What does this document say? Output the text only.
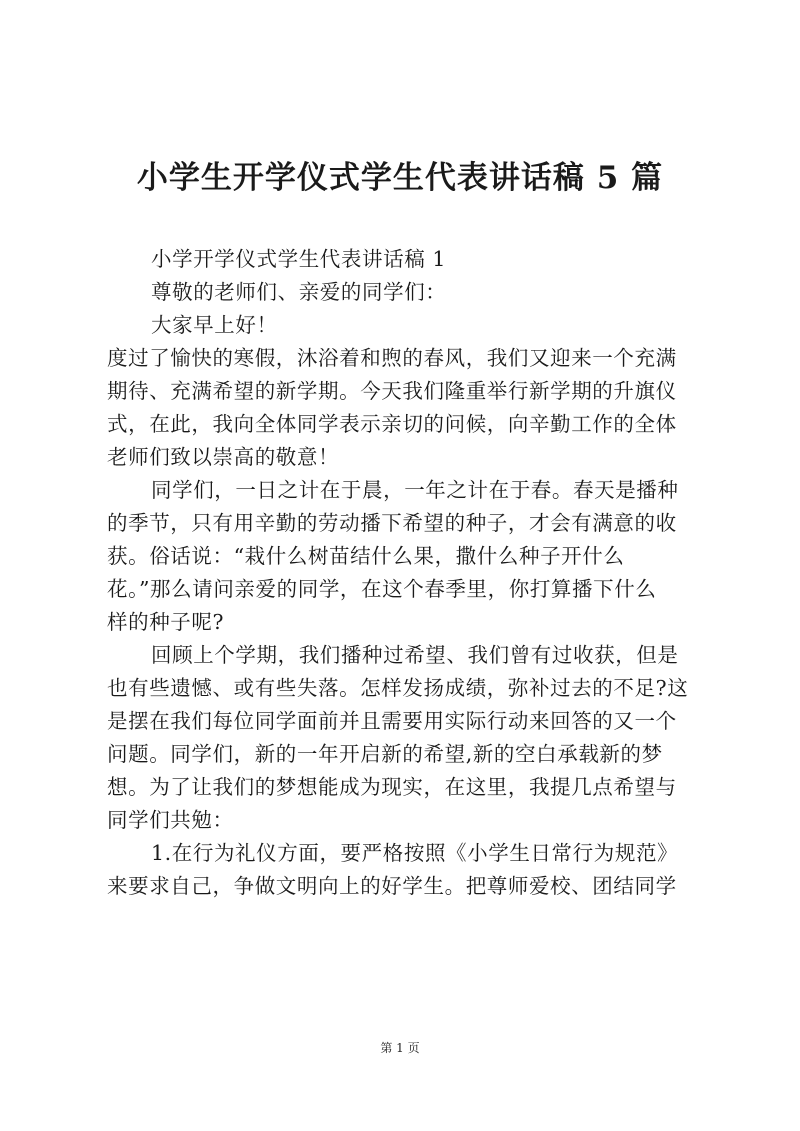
小学生开学仪式学生代表讲话稿 5 篇
小学开学仪式学生代表讲话稿 1
尊敬的老师们、亲爱的同学们：
大家早上好！
度过了愉快的寒假，沐浴着和煦的春风，我们又迎来一个充满
期待、充满希望的新学期。今天我们隆重举行新学期的升旗仪
式，在此，我向全体同学表示亲切的问候，向辛勤工作的全体
老师们致以崇高的敬意！
同学们，一日之计在于晨，一年之计在于春。春天是播种
的季节，只有用辛勤的劳动播下希望的种子，才会有满意的收
获。俗话说：“栽什么树苗结什么果，撒什么种子开什么
花。”那么请问亲爱的同学，在这个春季里，你打算播下什么
样的种子呢?
回顾上个学期，我们播种过希望、我们曾有过收获，但是
也有些遗憾、或有些失落。怎样发扬成绩，弥补过去的不足?这
是摆在我们每位同学面前并且需要用实际行动来回答的又一个
问题。同学们，新的一年开启新的希望,新的空白承载新的梦
想。为了让我们的梦想能成为现实，在这里，我提几点希望与
同学们共勉：
1.在行为礼仪方面，要严格按照《小学生日常行为规范》
来要求自己，争做文明向上的好学生。把尊师爱校、团结同学
第 1 页
